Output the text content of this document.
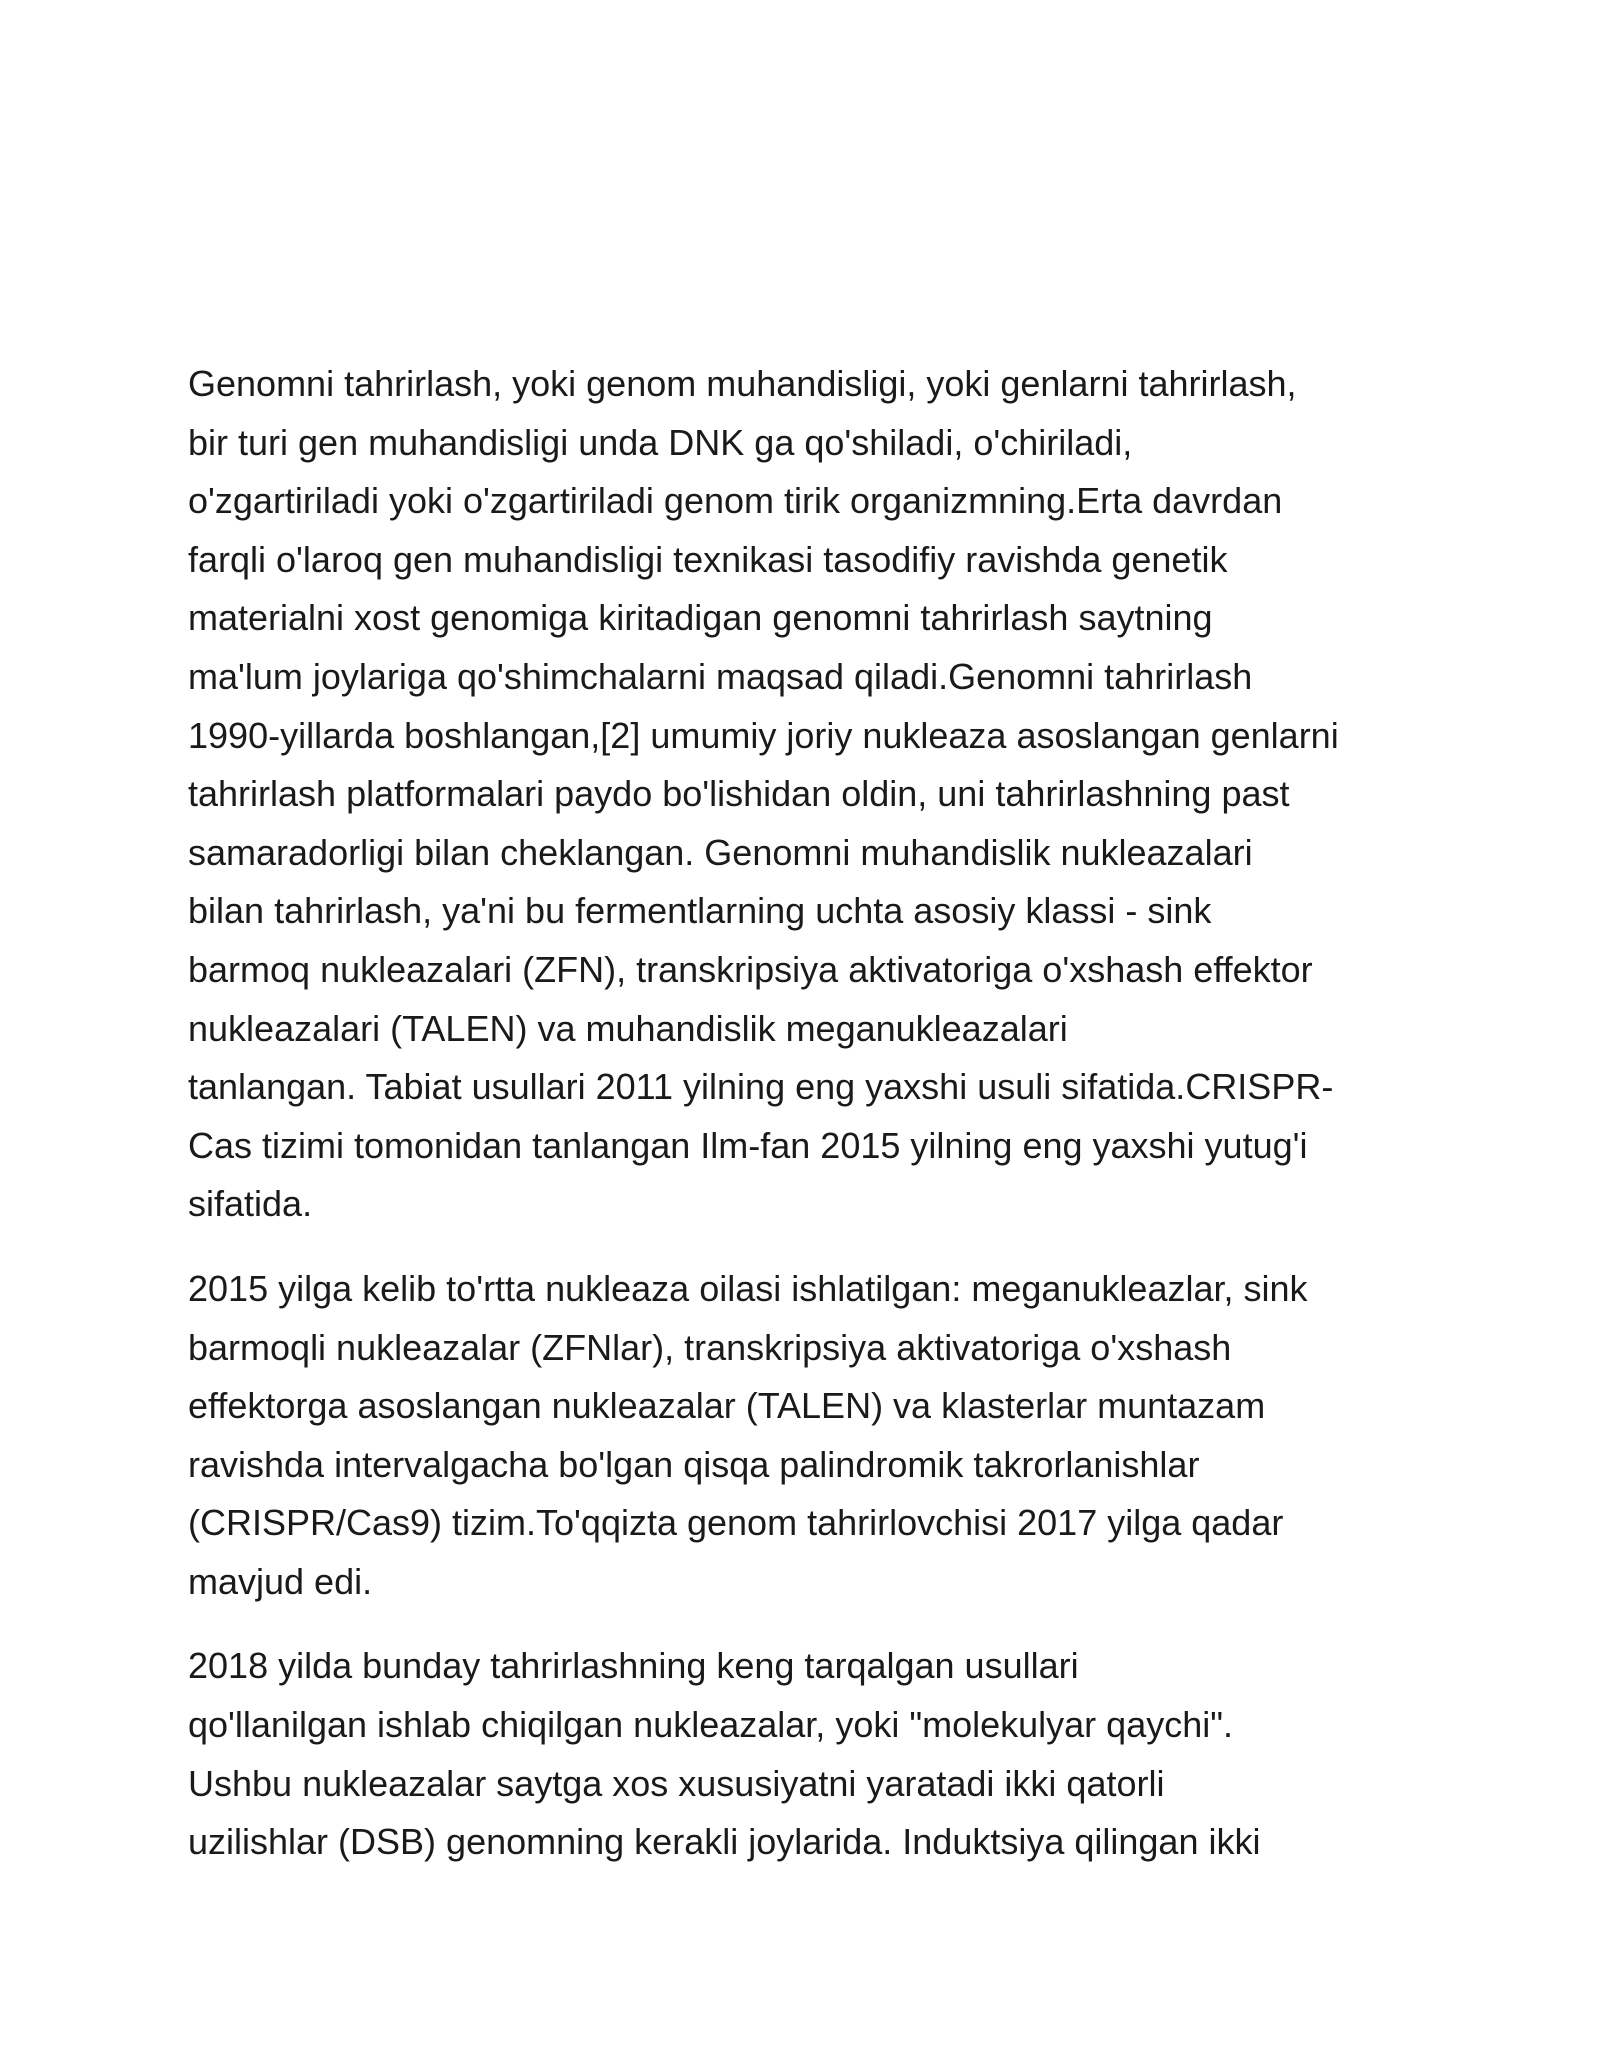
Genomni tahrirlash, yoki genom muhandisligi, yoki genlarni tahrirlash,
bir turi gen muhandisligi unda DNK ga qo'shiladi, o'chiriladi,
o'zgartiriladi yoki o'zgartiriladi genom tirik organizmning.Erta davrdan
farqli o'laroq gen muhandisligi texnikasi tasodifiy ravishda genetik
materialni xost genomiga kiritadigan genomni tahrirlash saytning
ma'lum joylariga qo'shimchalarni maqsad qiladi.Genomni tahrirlash
1990-yillarda boshlangan,[2] umumiy joriy nukleaza asoslangan genlarni
tahrirlash platformalari paydo bo'lishidan oldin, uni tahrirlashning past
samaradorligi bilan cheklangan. Genomni muhandislik nukleazalari
bilan tahrirlash, ya'ni bu fermentlarning uchta asosiy klassi - sink
barmoq nukleazalari (ZFN), transkripsiya aktivatoriga o'xshash effektor
nukleazalari (TALEN) va muhandislik meganukleazalari
tanlangan. Tabiat usullari 2011 yilning eng yaxshi usuli sifatida.CRISPR-
Cas tizimi tomonidan tanlangan Ilm-fan 2015 yilning eng yaxshi yutug'i
sifatida.

2015 yilga kelib to'rtta nukleaza oilasi ishlatilgan: meganukleazlar, sink
barmoqli nukleazalar (ZFNlar), transkripsiya aktivatoriga o'xshash
effektorga asoslangan nukleazalar (TALEN) va klasterlar muntazam
ravishda intervalgacha bo'lgan qisqa palindromik takrorlanishlar
(CRISPR/Cas9) tizim.To'qqizta genom tahrirlovchisi 2017 yilga qadar
mavjud edi.

2018 yilda bunday tahrirlashning keng tarqalgan usullari
qo'llanilgan ishlab chiqilgan nukleazalar, yoki "molekulyar qaychi".
Ushbu nukleazalar saytga xos xususiyatni yaratadi ikki qatorli
uzilishlar (DSB) genomning kerakli joylarida. Induktsiya qilingan ikki
